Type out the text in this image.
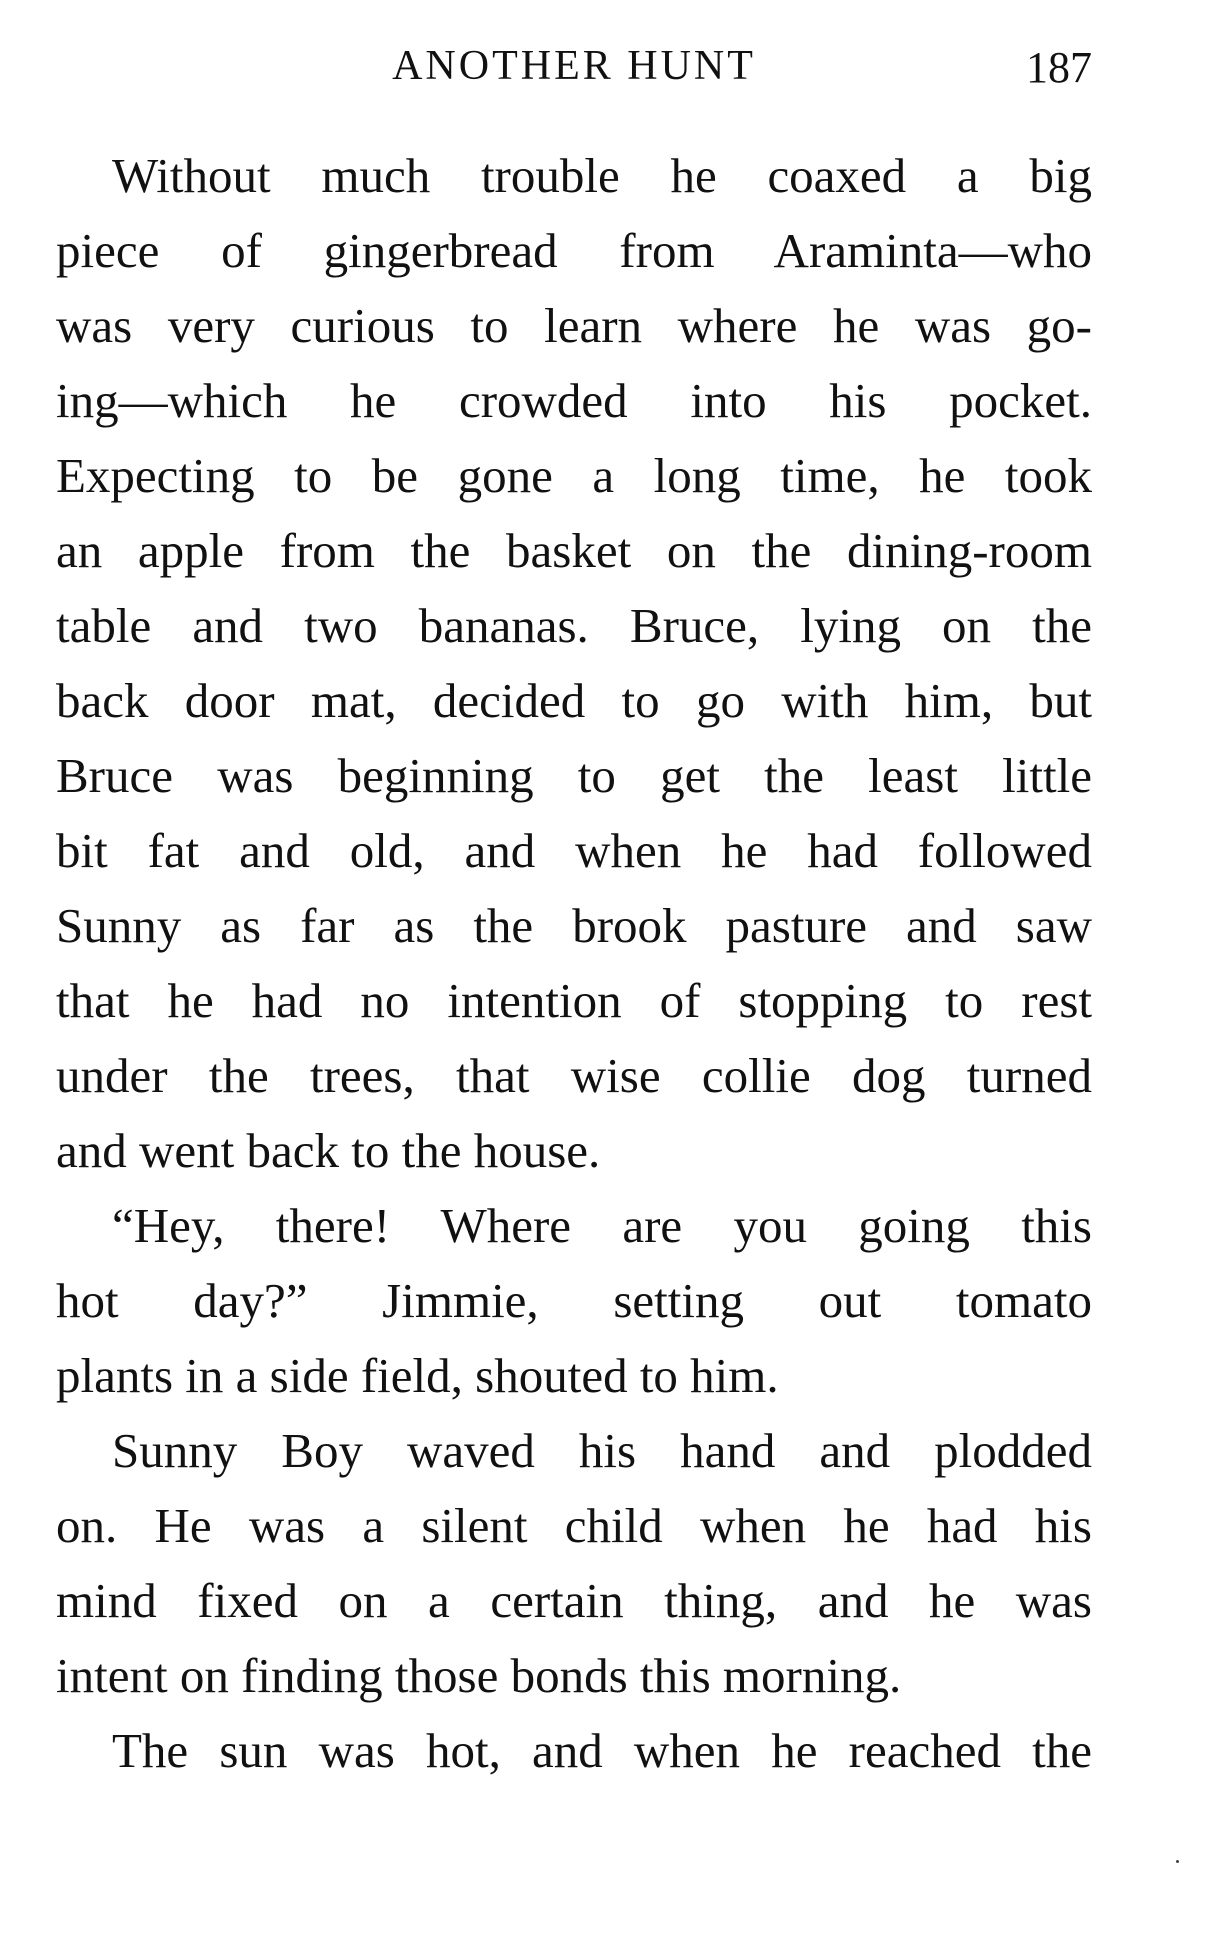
ANOTHER HUNT	187
Without much trouble he coaxed a big
piece of gingerbread from Araminta—who
was very curious to learn where he was go-
ing—which he crowded into his pocket.
Expecting to be gone a long time, he took
an apple from the basket on the dining-room
table and two bananas. Bruce, lying on the
back door mat, decided to go with him, but
Bruce was beginning to get the least little
bit fat and old, and when he had followed
Sunny as far as the brook pasture and saw
that he had no intention of stopping to rest
under the trees, that wise collie dog turned
and went back to the house.
“Hey, there! Where are you going this
hot day?” Jimmie, setting out tomato
plants in a side field, shouted to him.
Sunny Boy waved his hand and plodded
on. He was a silent child when he had his
mind fixed on a certain thing, and he was
intent on finding those bonds this morning.
The sun was hot, and when he reached the
